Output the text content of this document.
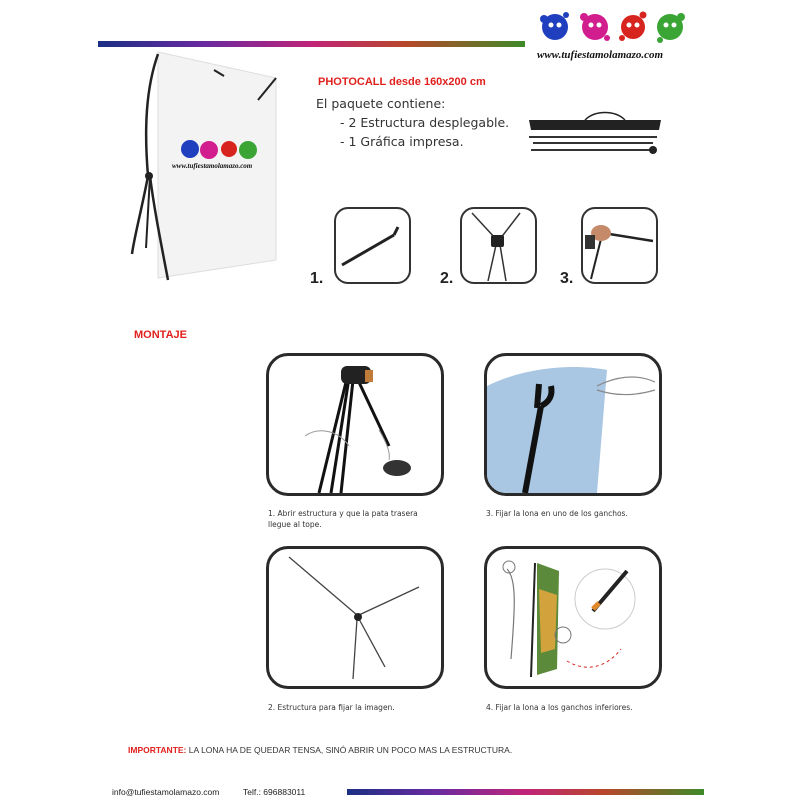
www.tufiestamolamazo.com
www.tufiestamolamazo.com
PHOTOCALL desde 160x200 cm
El paquete contiene:
- 2 Estructura desplegable.
- 1 Gráfica impresa.
1.	2.	3.
MONTAJE
1. Abrir estructura y que la pata trasera
llegue al tope.
3. Fijar la lona en uno de los ganchos.
2. Estructura para fijar la imagen.	4. Fijar la lona a los ganchos inferiores.
IMPORTANTE: LA LONA HA DE QUEDAR TENSA, SINÓ ABRIR UN POCO MAS LA ESTRUCTURA.
info@tufiestamolamazo.com	Telf.: 696883011
